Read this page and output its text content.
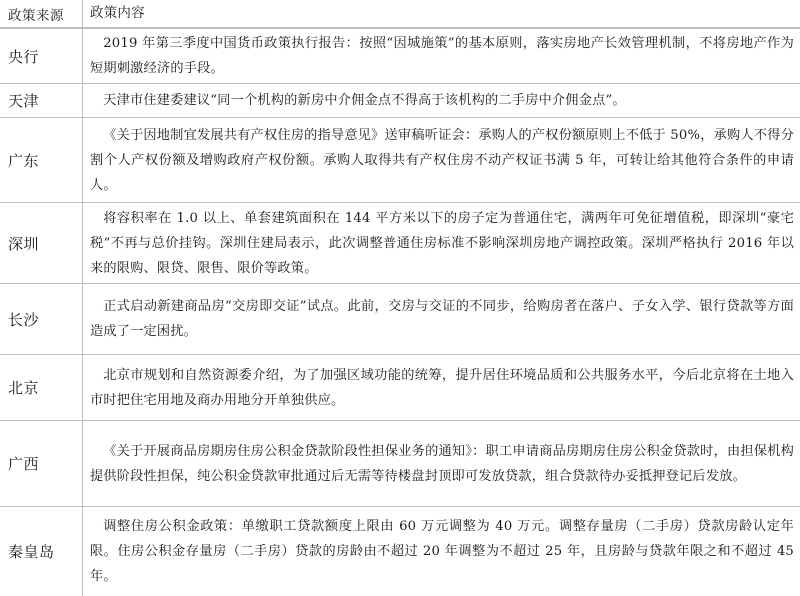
政策来源	政策内容
央行
2019 年第三季度中国货币政策执行报告：按照“因城施策”的基本原则，落实房地产长效管理机制，不将房地产作为短期刺激经济的手段。
天津	天津市住建委建议“同一个机构的新房中介佣金点不得高于该机构的二手房中介佣金点”。
广东
《关于因地制宜发展共有产权住房的指导意见》送审稿听证会：承购人的产权份额原则上不低于 50%，承购人不得分割个人产权份额及增购政府产权份额。承购人取得共有产权住房不动产权证书满 5 年，可转让给其他符合条件的申请人。
深圳
将容积率在 1.0 以上、单套建筑面积在 144 平方米以下的房子定为普通住宅，满两年可免征增值税，即深圳“豪宅税”不再与总价挂钩。深圳住建局表示，此次调整普通住房标准不影响深圳房地产调控政策。深圳严格执行 2016 年以来的限购、限贷、限售、限价等政策。
长沙
正式启动新建商品房“交房即交证”试点。此前，交房与交证的不同步，给购房者在落户、子女入学、银行贷款等方面造成了一定困扰。
北京
北京市规划和自然资源委介绍，为了加强区域功能的统筹，提升居住环境品质和公共服务水平，今后北京将在土地入市时把住宅用地及商办用地分开单独供应。
广西
《关于开展商品房期房住房公积金贷款阶段性担保业务的通知》：职工申请商品房期房住房公积金贷款时，由担保机构提供阶段性担保，纯公积金贷款审批通过后无需等待楼盘封顶即可发放贷款，组合贷款待办妥抵押登记后发放。
秦皇岛
调整住房公积金政策：单缴职工贷款额度上限由 60 万元调整为 40 万元。调整存量房（二手房）贷款房龄认定年限。住房公积金存量房（二手房）贷款的房龄由不超过 20 年调整为不超过 25 年，且房龄与贷款年限之和不超过 45 年。
